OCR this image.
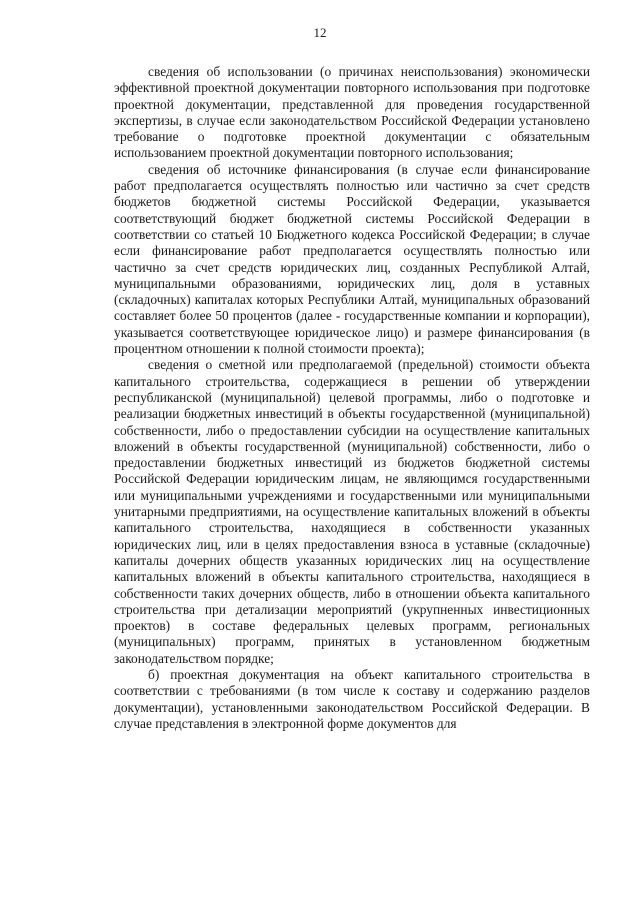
12

сведения об использовании (о причинах неиспользования) экономически эффективной проектной документации повторного использования при подготовке проектной документации, представленной для проведения государственной экспертизы, в случае если законодательством Российской Федерации установлено требование о подготовке проектной документации с обязательным использованием проектной документации повторного использования;

сведения об источнике финансирования (в случае если финансирование работ предполагается осуществлять полностью или частично за счет средств бюджетов бюджетной системы Российской Федерации, указывается соответствующий бюджет бюджетной системы Российской Федерации в соответствии со статьей 10 Бюджетного кодекса Российской Федерации; в случае если финансирование работ предполагается осуществлять полностью или частично за счет средств юридических лиц, созданных Республикой Алтай, муниципальными образованиями, юридических лиц, доля в уставных (складочных) капиталах которых Республики Алтай, муниципальных образований составляет более 50 процентов (далее - государственные компании и корпорации), указывается соответствующее юридическое лицо) и размере финансирования (в процентном отношении к полной стоимости проекта);

сведения о сметной или предполагаемой (предельной) стоимости объекта капитального строительства, содержащиеся в решении об утверждении республиканской (муниципальной) целевой программы, либо о подготовке и реализации бюджетных инвестиций в объекты государственной (муниципальной) собственности, либо о предоставлении субсидии на осуществление капитальных вложений в объекты государственной (муниципальной) собственности, либо о предоставлении бюджетных инвестиций из бюджетов бюджетной системы Российской Федерации юридическим лицам, не являющимся государственными или муниципальными учреждениями и государственными или муниципальными унитарными предприятиями, на осуществление капитальных вложений в объекты капитального строительства, находящиеся в собственности указанных юридических лиц, или в целях предоставления взноса в уставные (складочные) капиталы дочерних обществ указанных юридических лиц на осуществление капитальных вложений в объекты капитального строительства, находящиеся в собственности таких дочерних обществ, либо в отношении объекта капитального строительства при детализации мероприятий (укрупненных инвестиционных проектов) в составе федеральных целевых программ, региональных (муниципальных) программ, принятых в установленном бюджетным законодательством порядке;

б) проектная документация на объект капитального строительства в соответствии с требованиями (в том числе к составу и содержанию разделов документации), установленными законодательством Российской Федерации. В случае представления в электронной форме документов для
